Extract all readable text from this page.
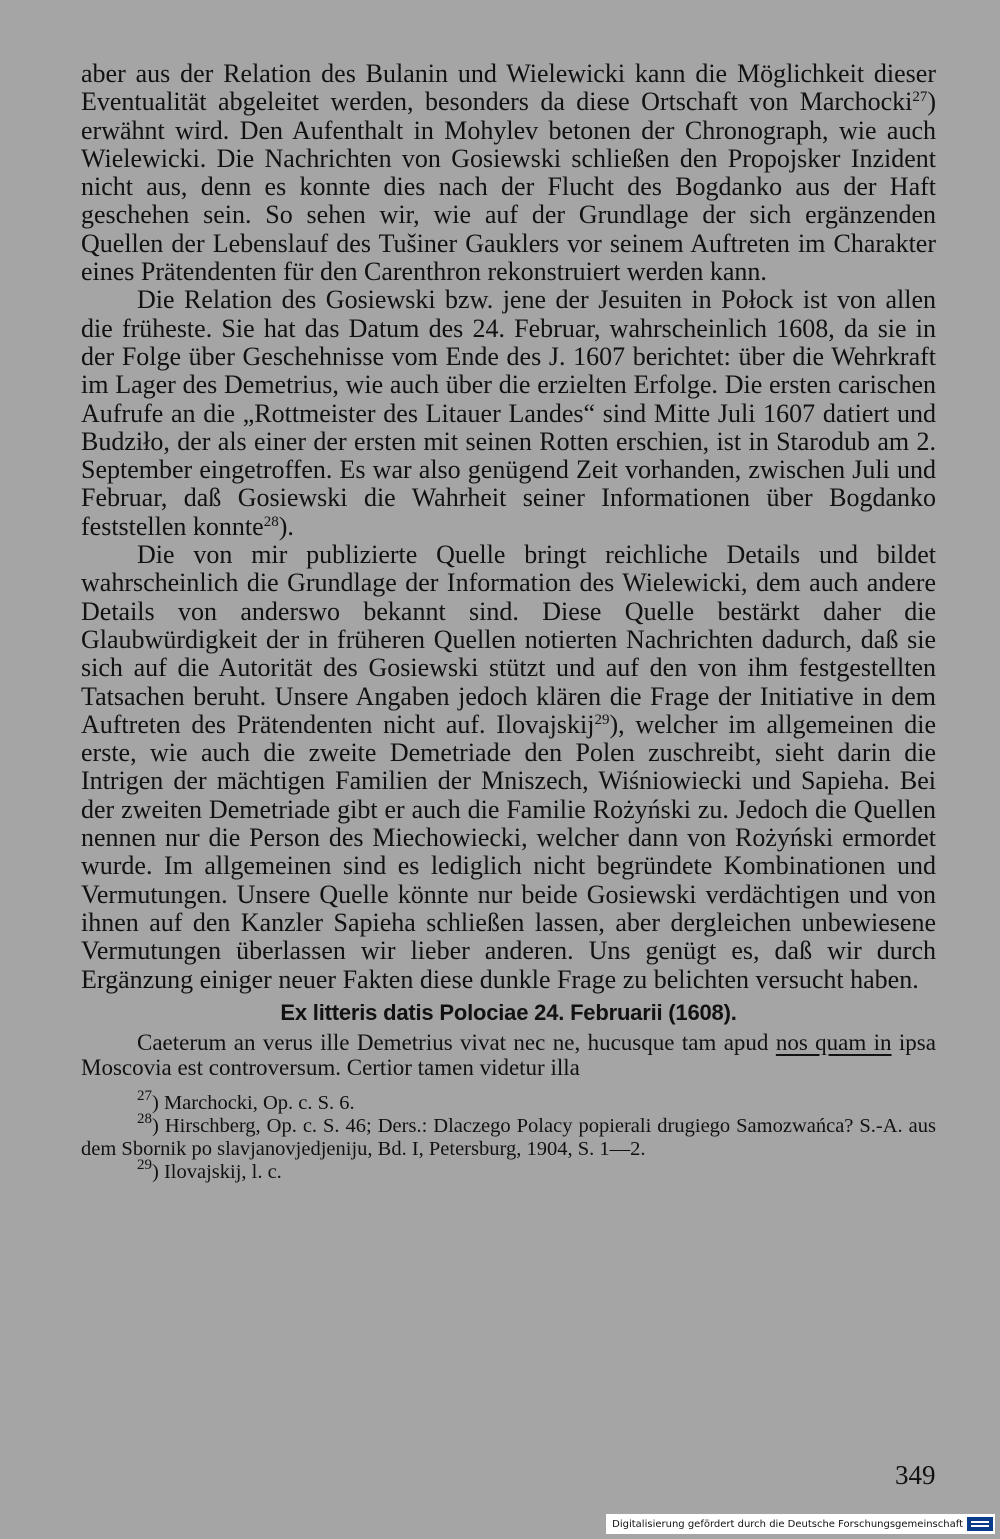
aber aus der Relation des Bulanin und Wielewicki kann die Möglichkeit dieser Eventualität abgeleitet werden, besonders da diese Ortschaft von Marchocki$^{27}$) erwähnt wird. Den Aufenthalt in Mohylev betonen der Chronograph, wie auch Wielewicki. Die Nachrichten von Gosiewski schließen den Propojsker Inzident nicht aus, denn es konnte dies nach der Flucht des Bogdanko aus der Haft geschehen sein. So sehen wir, wie auf der Grundlage der sich ergänzenden Quellen der Lebenslauf des Tušiner Gauklers vor seinem Auftreten im Charakter eines Prätendenten für den Carenthron rekonstruiert werden kann.

Die Relation des Gosiewski bzw. jene der Jesuiten in Połock ist von allen die früheste. Sie hat das Datum des 24. Februar, wahrscheinlich 1608, da sie in der Folge über Geschehnisse vom Ende des J. 1607 berichtet: über die Wehrkraft im Lager des Demetrius, wie auch über die erzielten Erfolge. Die ersten carischen Aufrufe an die „Rottmeister des Litauer Landes“ sind Mitte Juli 1607 datiert und Budziło, der als einer der ersten mit seinen Rotten erschien, ist in Starodub am 2. September eingetroffen. Es war also genügend Zeit vorhanden, zwischen Juli und Februar, daß Gosiewski die Wahrheit seiner Informationen über Bogdanko feststellen konnte$^{28}$).

Die von mir publizierte Quelle bringt reichliche Details und bildet wahrscheinlich die Grundlage der Information des Wielewicki, dem auch andere Details von anderswo bekannt sind. Diese Quelle bestärkt daher die Glaubwürdigkeit der in früheren Quellen notierten Nachrichten dadurch, daß sie sich auf die Autorität des Gosiewski stützt und auf den von ihm festgestellten Tatsachen beruht. Unsere Angaben jedoch klären die Frage der Initiative in dem Auftreten des Prätendenten nicht auf. Ilovajskij$^{29}$), welcher im allgemeinen die erste, wie auch die zweite Demetriade den Polen zuschreibt, sieht darin die Intrigen der mächtigen Familien der Mniszech, Wiśniowiecki und Sapieha. Bei der zweiten Demetriade gibt er auch die Familie Rożyński zu. Jedoch die Quellen nennen nur die Person des Miechowiecki, welcher dann von Rożyński ermordet wurde. Im allgemeinen sind es lediglich nicht begründete Kombinationen und Vermutungen. Unsere Quelle könnte nur beide Gosiewski verdächtigen und von ihnen auf den Kanzler Sapieha schließen lassen, aber dergleichen unbewiesene Vermutungen überlassen wir lieber anderen. Uns genügt es, daß wir durch Ergänzung einiger neuer Fakten diese dunkle Frage zu belichten versucht haben.

Ex litteris datis Polociae 24. Februarii (1608).

Caeterum an verus ille Demetrius vivat nec ne, hucusque tam apud nos quam in ipsa Moscovia est controversum. Certior tamen videtur illa

$^{27}$) Marchocki, Op. c. S. 6.

$^{28}$) Hirschberg, Op. c. S. 46; Ders.: Dlaczego Polacy popierali drugiego Samozwańca? S.-A. aus dem Sbornik po slavjanovjedjeniju, Bd. I, Petersburg, 1904, S. 1—2.

$^{29}$) Ilovajskij, l. c.

349
Digitalisierung gefördert durch die Deutsche Forschungsgemeinschaft
